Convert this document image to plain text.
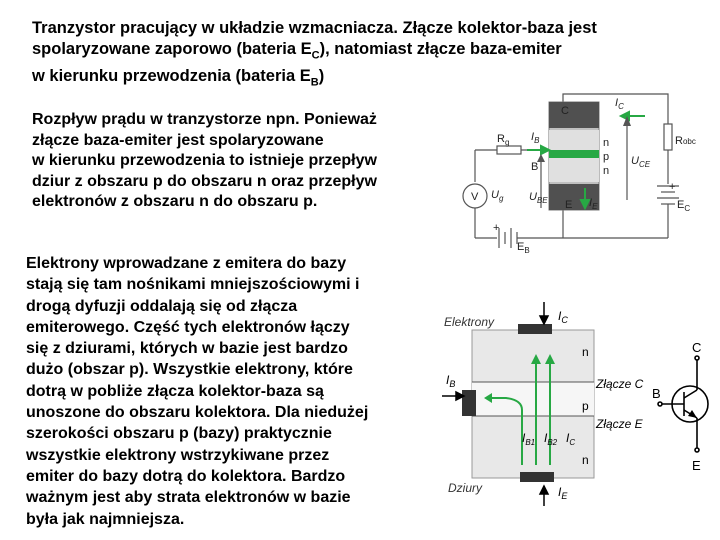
Tranzystor pracujący w układzie wzmacniacza. Złącze kolektor-baza jest
spolaryzowane zaporowo (bateria $E_C$), natomiast złącze baza-emiter
w kierunku przewodzenia (bateria $E_B$)

Rozpływ prądu w tranzystorze npn. Ponieważ
złącze baza-emiter jest spolaryzowane
w kierunku przewodzenia to istnieje przepływ
dziur z obszaru p do obszaru n oraz przepływ
elektronów z obszaru n do obszaru p.

Elektrony wprowadzane z emitera do bazy
stają się tam nośnikami mniejszościowymi i
drogą dyfuzji oddalają się od złącza
emiterowego. Część tych elektronów łączy
się z dziurami, których w bazie jest bardzo
dużo (obszar p). Wszystkie elektrony, które
dotrą w pobliże złącza kolektor-baza są
unoszone do obszaru kolektora. Dla niedużej
szerokości obszaru p (bazy) praktycznie
wszystkie elektrony wstrzykiwane przez
emiter do bazy dotrą do kolektora. Bardzo
ważnym jest aby strata elektronów w bazie
była jak najmniejsza.

$I_C$
C
$I_B$
$R_g$
B
n
p
n
$U_{CE}$
Robc
V $U_g$ $U_{BE}$ E $I_E$	$E_C$
$E_B$
+
+
Elektrony
Dziury
$I_C$
$I_B$
$I_E$
$I_{B1}$ $I_{B2}$ $I_C$
n
p
n
Złącze C
Złącze E
C
B
E
